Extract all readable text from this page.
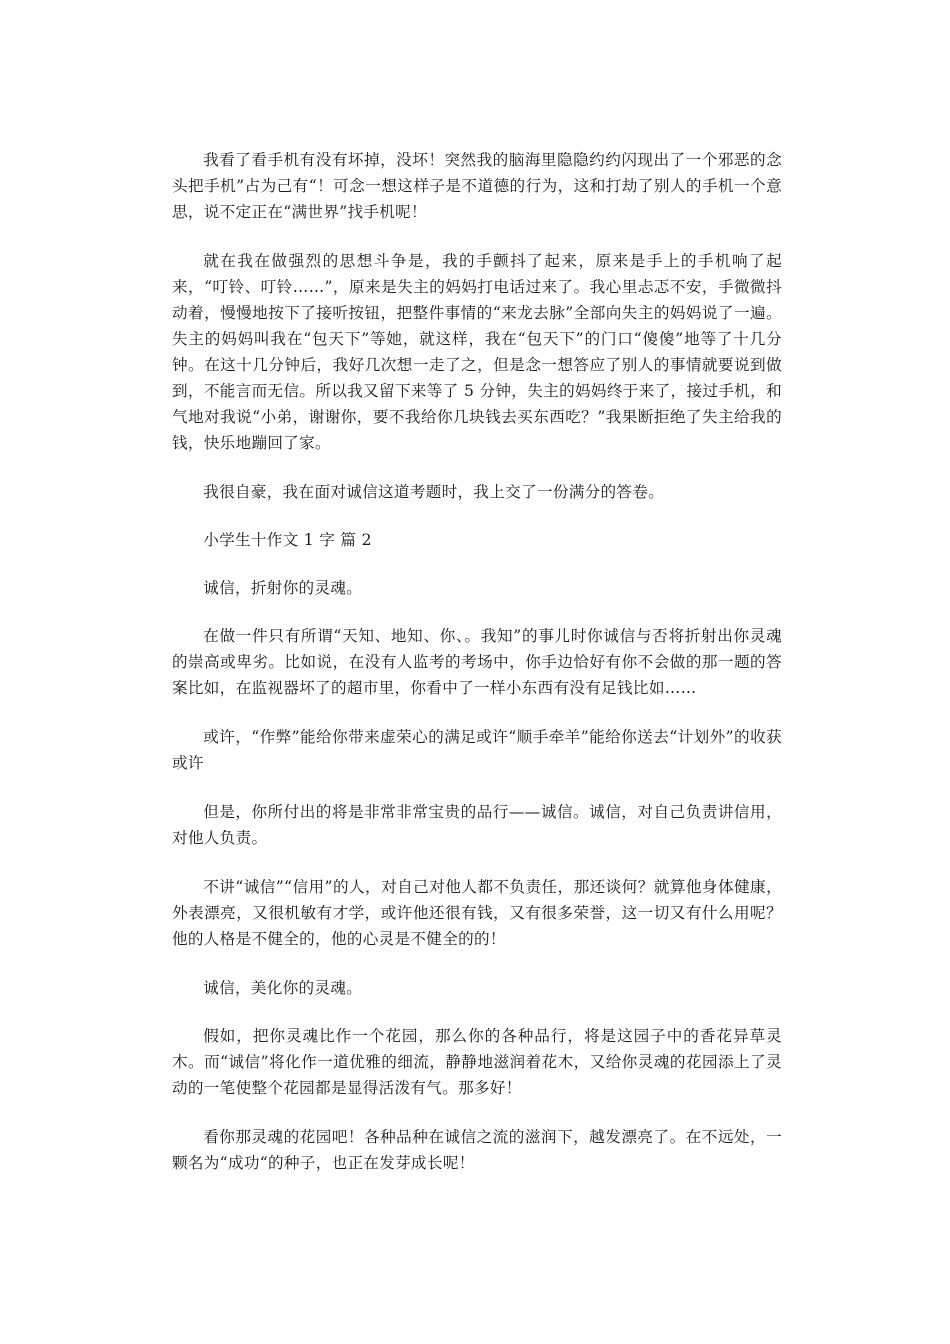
我看了看手机有没有坏掉，没坏！突然我的脑海里隐隐约约闪现出了一个邪恶的念头把手机”占为己有“！可念一想这样子是不道德的行为，这和打劫了别人的手机一个意思，说不定正在“满世界”找手机呢！

就在我在做强烈的思想斗争是，我的手颤抖了起来，原来是手上的手机响了起来，“叮铃、叮铃……”，原来是失主的妈妈打电话过来了。我心里忐忑不安，手微微抖动着，慢慢地按下了接听按钮，把整件事情的“来龙去脉”全部向失主的妈妈说了一遍。失主的妈妈叫我在“包天下”等她，就这样，我在“包天下”的门口“傻傻”地等了十几分钟。在这十几分钟后，我好几次想一走了之，但是念一想答应了别人的事情就要说到做到，不能言而无信。所以我又留下来等了 5 分钟，失主的妈妈终于来了，接过手机，和气地对我说“小弟，谢谢你，要不我给你几块钱去买东西吃？”我果断拒绝了失主给我的钱，快乐地蹦回了家。

我很自豪，我在面对诚信这道考题时，我上交了一份满分的答卷。

小学生十作文 1 字 篇 2

诚信，折射你的灵魂。

在做一件只有所谓“天知、地知、你、。我知”的事儿时你诚信与否将折射出你灵魂的崇高或卑劣。比如说，在没有人监考的考场中，你手边恰好有你不会做的那一题的答案比如，在监视器坏了的超市里，你看中了一样小东西有没有足钱比如……

或许，“作弊”能给你带来虚荣心的满足或许“顺手牵羊”能给你送去“计划外”的收获或许

但是，你所付出的将是非常非常宝贵的品行——诚信。诚信，对自己负责讲信用，对他人负责。

不讲“诚信”“信用”的人，对自己对他人都不负责任，那还谈何？就算他身体健康，外表漂亮，又很机敏有才学，或许他还很有钱，又有很多荣誉，这一切又有什么用呢？他的人格是不健全的，他的心灵是不健全的的！

诚信，美化你的灵魂。

假如，把你灵魂比作一个花园，那么你的各种品行，将是这园子中的香花异草灵木。而“诚信”将化作一道优雅的细流，静静地滋润着花木，又给你灵魂的花园添上了灵动的一笔使整个花园都是显得活泼有气。那多好！

看你那灵魂的花园吧！各种品种在诚信之流的滋润下，越发漂亮了。在不远处，一颗名为“成功“的种子，也正在发芽成长呢！
